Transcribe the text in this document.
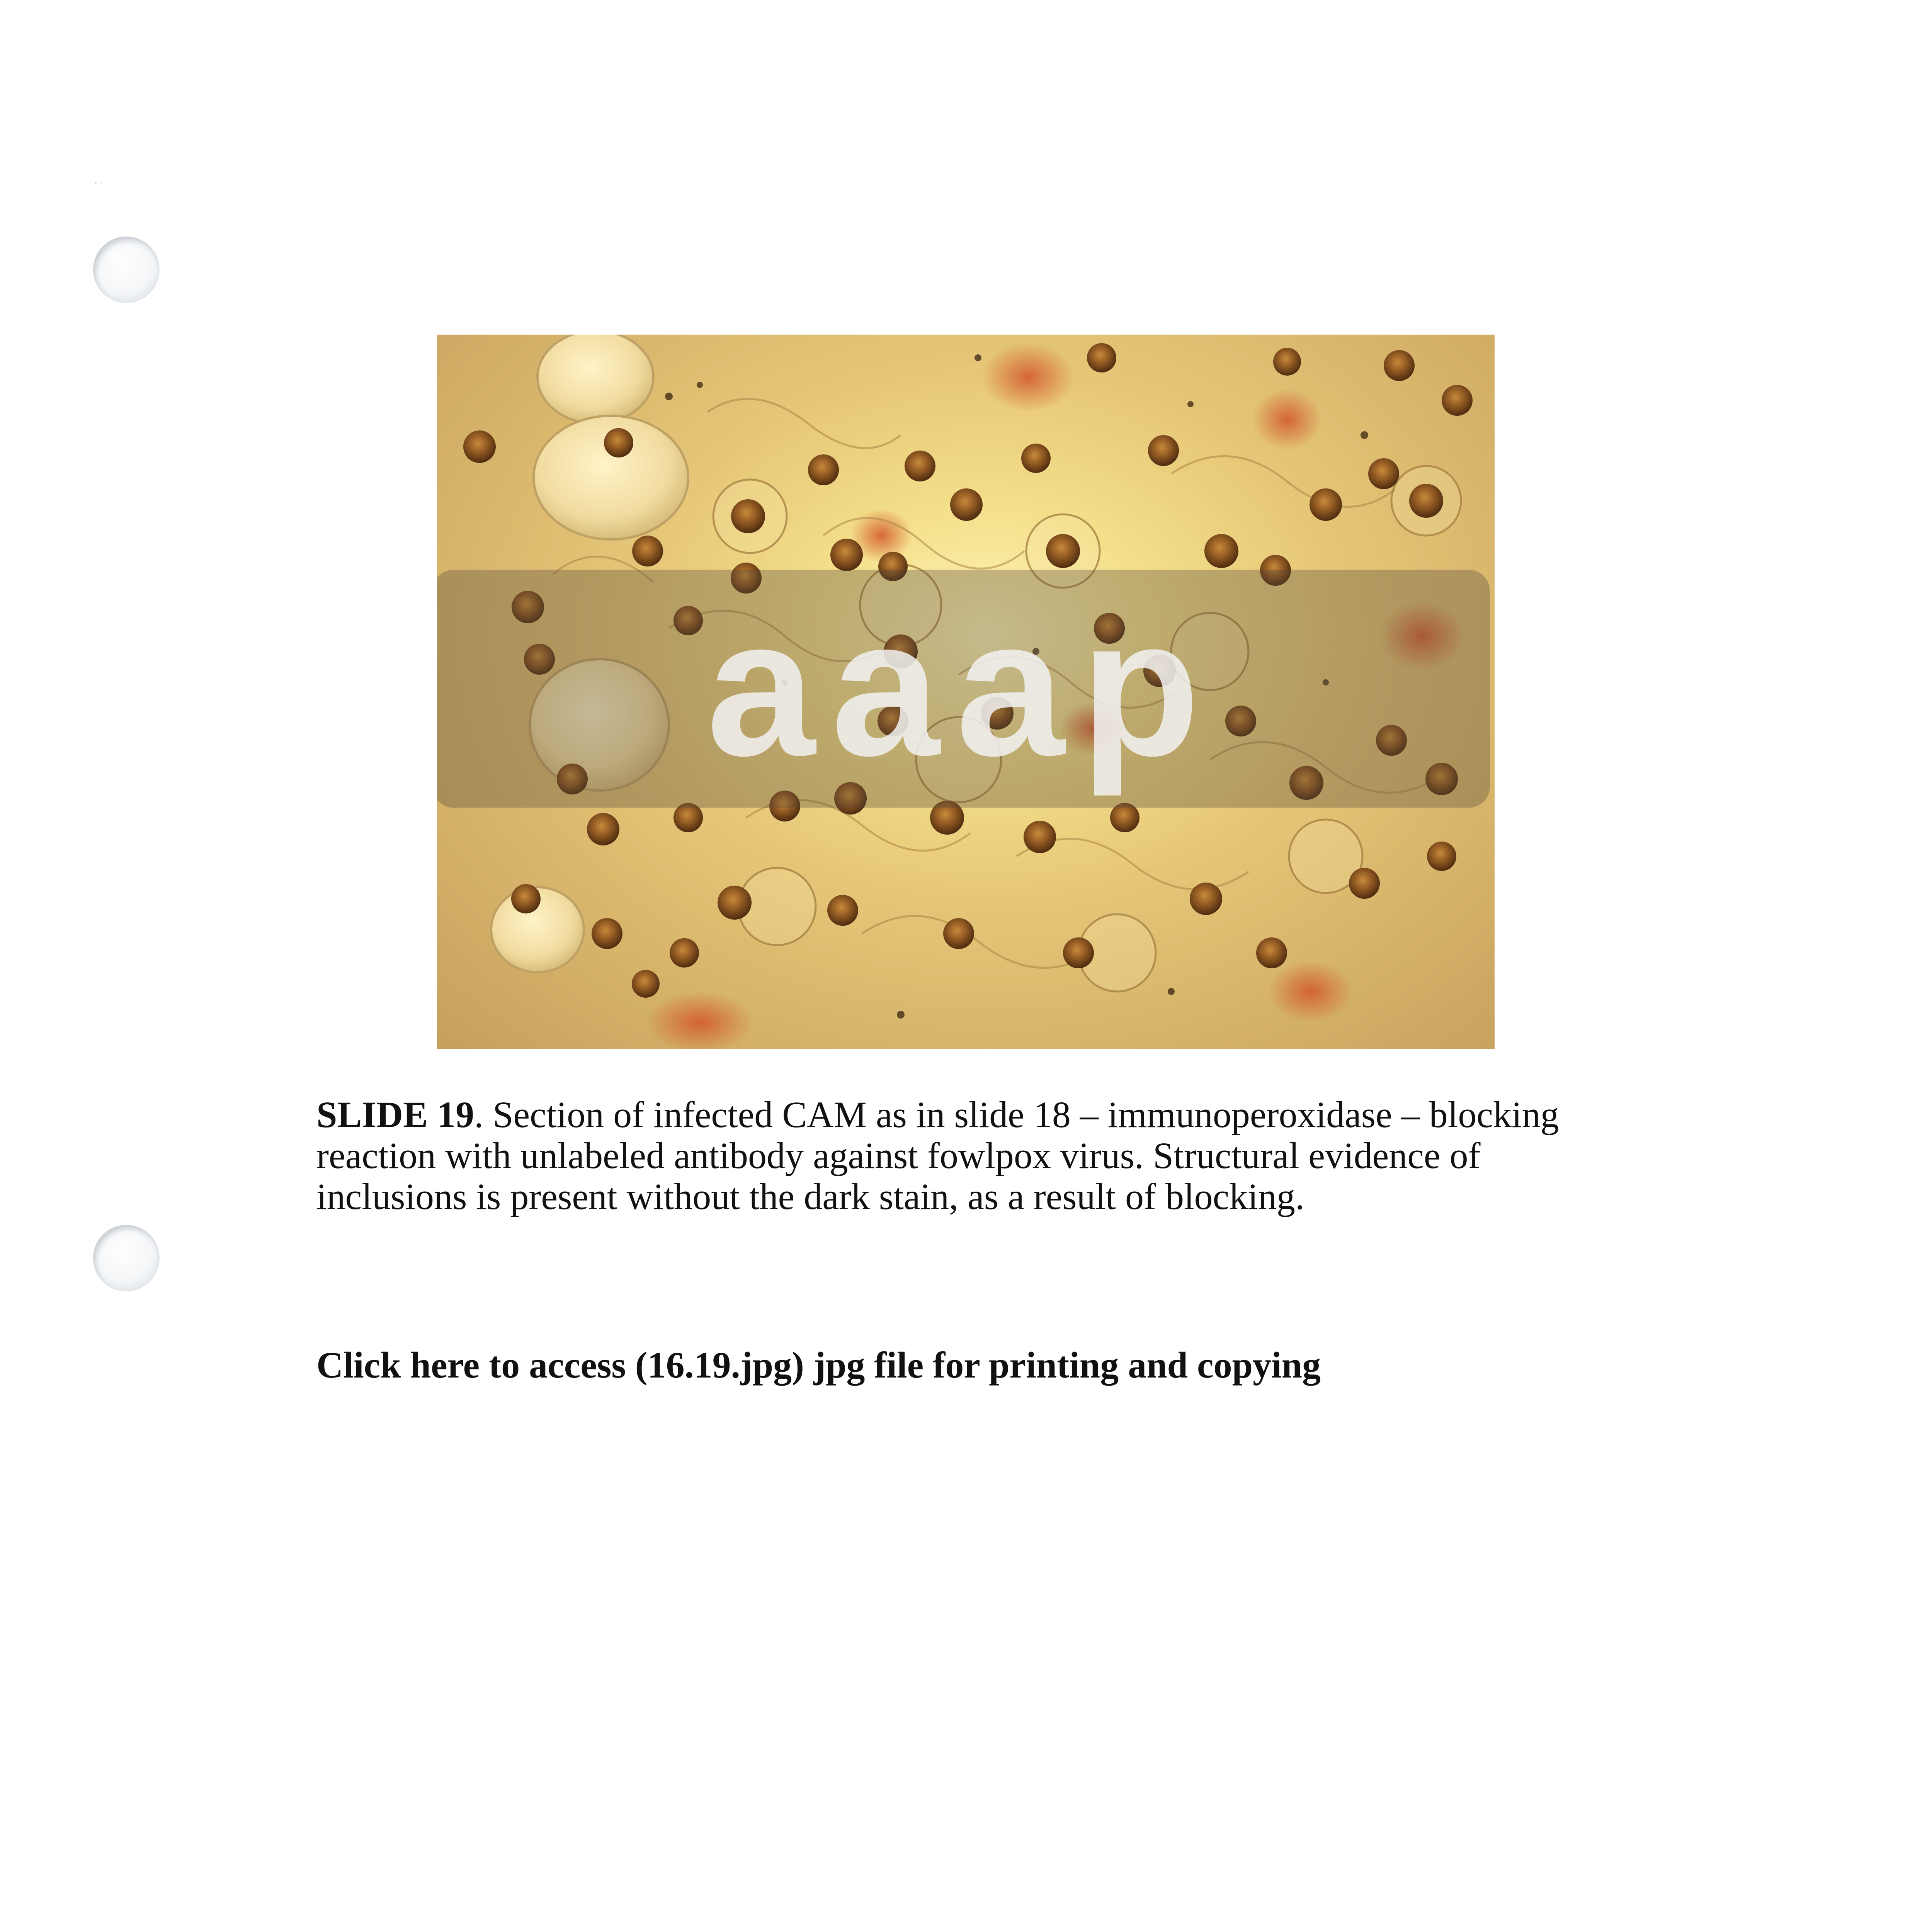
aaap

SLIDE 19. Section of infected CAM as in slide 18 – immunoperoxidase – blocking reaction with unlabeled antibody against fowlpox virus. Structural evidence of inclusions is present without the dark stain, as a result of blocking.

Click here to access (16.19.jpg) jpg file for printing and copying
